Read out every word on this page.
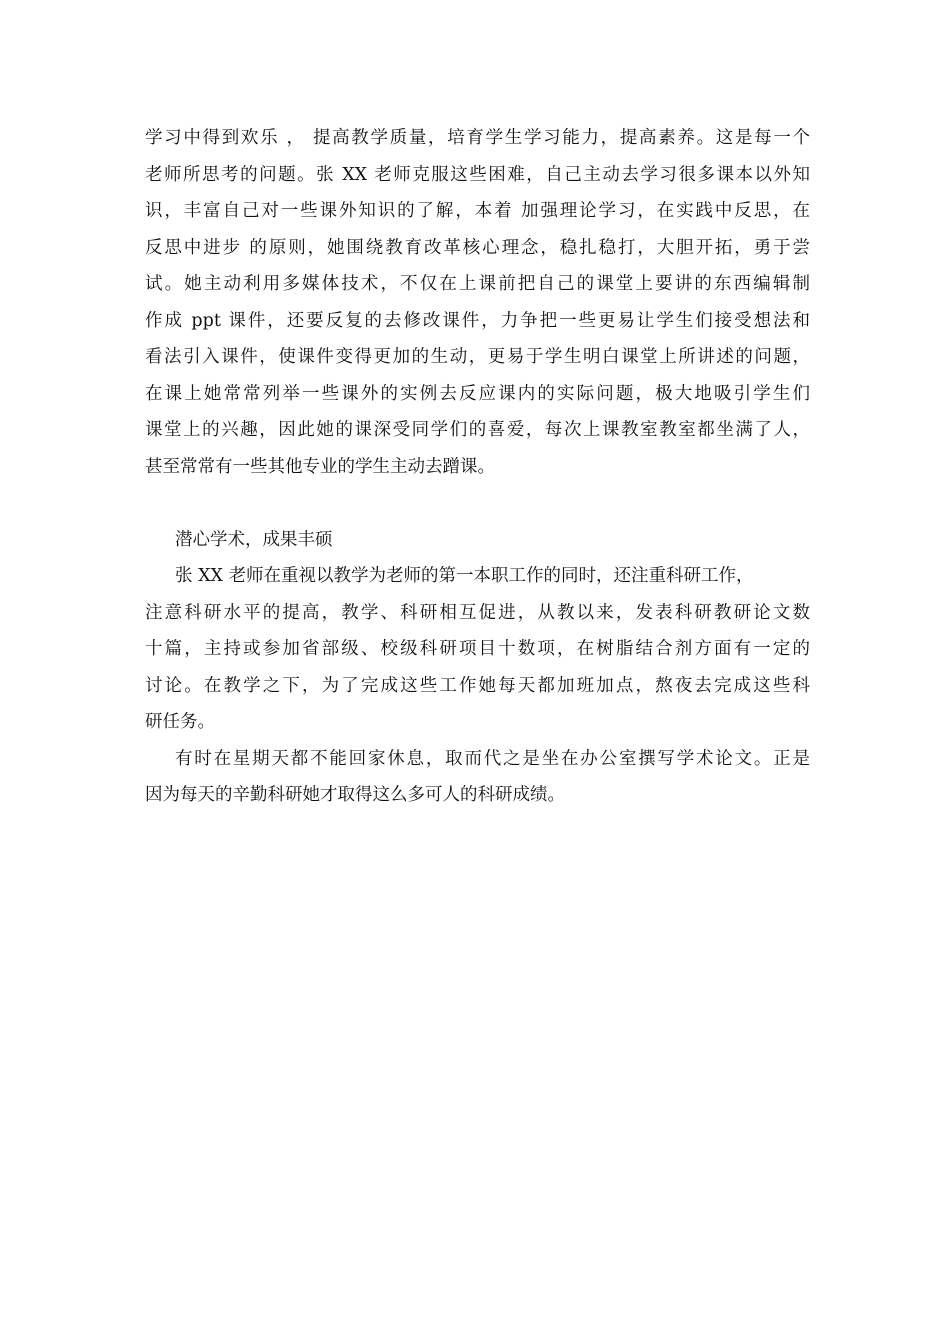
学习中得到欢乐 ， 提高教学质量，培育学生学习能力，提高素养。这是每一个
老师所思考的问题。张 XX 老师克服这些困难，自己主动去学习很多课本以外知
识，丰富自己对一些课外知识的了解，本着 加强理论学习，在实践中反思，在
反思中进步 的原则，她围绕教育改革核心理念，稳扎稳打，大胆开拓，勇于尝
试。她主动利用多媒体技术，不仅在上课前把自己的课堂上要讲的东西编辑制
作成 ppt 课件，还要反复的去修改课件，力争把一些更易让学生们接受想法和
看法引入课件，使课件变得更加的生动，更易于学生明白课堂上所讲述的问题，
在课上她常常列举一些课外的实例去反应课内的实际问题，极大地吸引学生们
课堂上的兴趣，因此她的课深受同学们的喜爱，每次上课教室教室都坐满了人，
甚至常常有一些其他专业的学生主动去蹭课。
潜心学术，成果丰硕
张 XX 老师在重视以教学为老师的第一本职工作的同时，还注重科研工作，
注意科研水平的提高，教学、科研相互促进，从教以来，发表科研教研论文数
十篇，主持或参加省部级、校级科研项目十数项，在树脂结合剂方面有一定的
讨论。在教学之下，为了完成这些工作她每天都加班加点，熬夜去完成这些科
研任务。
有时在星期天都不能回家休息，取而代之是坐在办公室撰写学术论文。正是
因为每天的辛勤科研她才取得这么多可人的科研成绩。
